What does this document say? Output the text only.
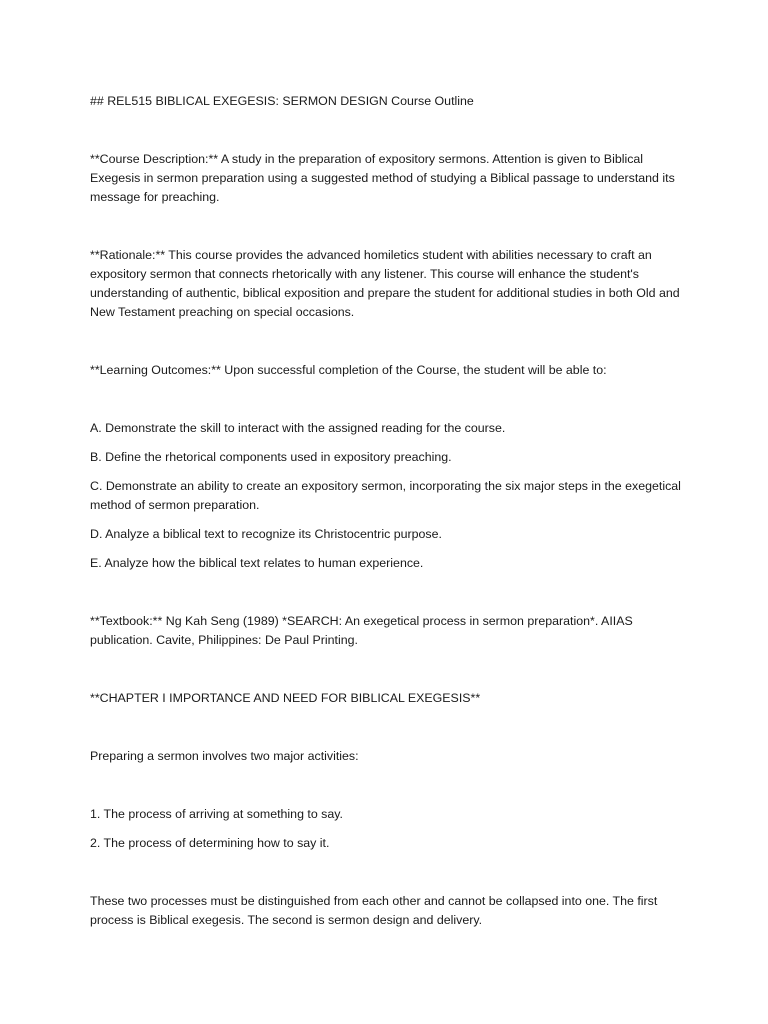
## REL515 BIBLICAL EXEGESIS: SERMON DESIGN Course Outline

**Course Description:** A study in the preparation of expository sermons. Attention is given to Biblical Exegesis in sermon preparation using a suggested method of studying a Biblical passage to understand its message for preaching.

**Rationale:** This course provides the advanced homiletics student with abilities necessary to craft an expository sermon that connects rhetorically with any listener. This course will enhance the student's understanding of authentic, biblical exposition and prepare the student for additional studies in both Old and New Testament preaching on special occasions.

**Learning Outcomes:** Upon successful completion of the Course, the student will be able to:

A. Demonstrate the skill to interact with the assigned reading for the course.

B. Define the rhetorical components used in expository preaching.

C. Demonstrate an ability to create an expository sermon, incorporating the six major steps in the exegetical method of sermon preparation.

D. Analyze a biblical text to recognize its Christocentric purpose.

E. Analyze how the biblical text relates to human experience.

**Textbook:** Ng Kah Seng (1989) *SEARCH: An exegetical process in sermon preparation*. AIIAS publication. Cavite, Philippines: De Paul Printing.

**CHAPTER I IMPORTANCE AND NEED FOR BIBLICAL EXEGESIS**

Preparing a sermon involves two major activities:

1. The process of arriving at something to say.

2. The process of determining how to say it.

These two processes must be distinguished from each other and cannot be collapsed into one. The first process is Biblical exegesis. The second is sermon design and delivery.
